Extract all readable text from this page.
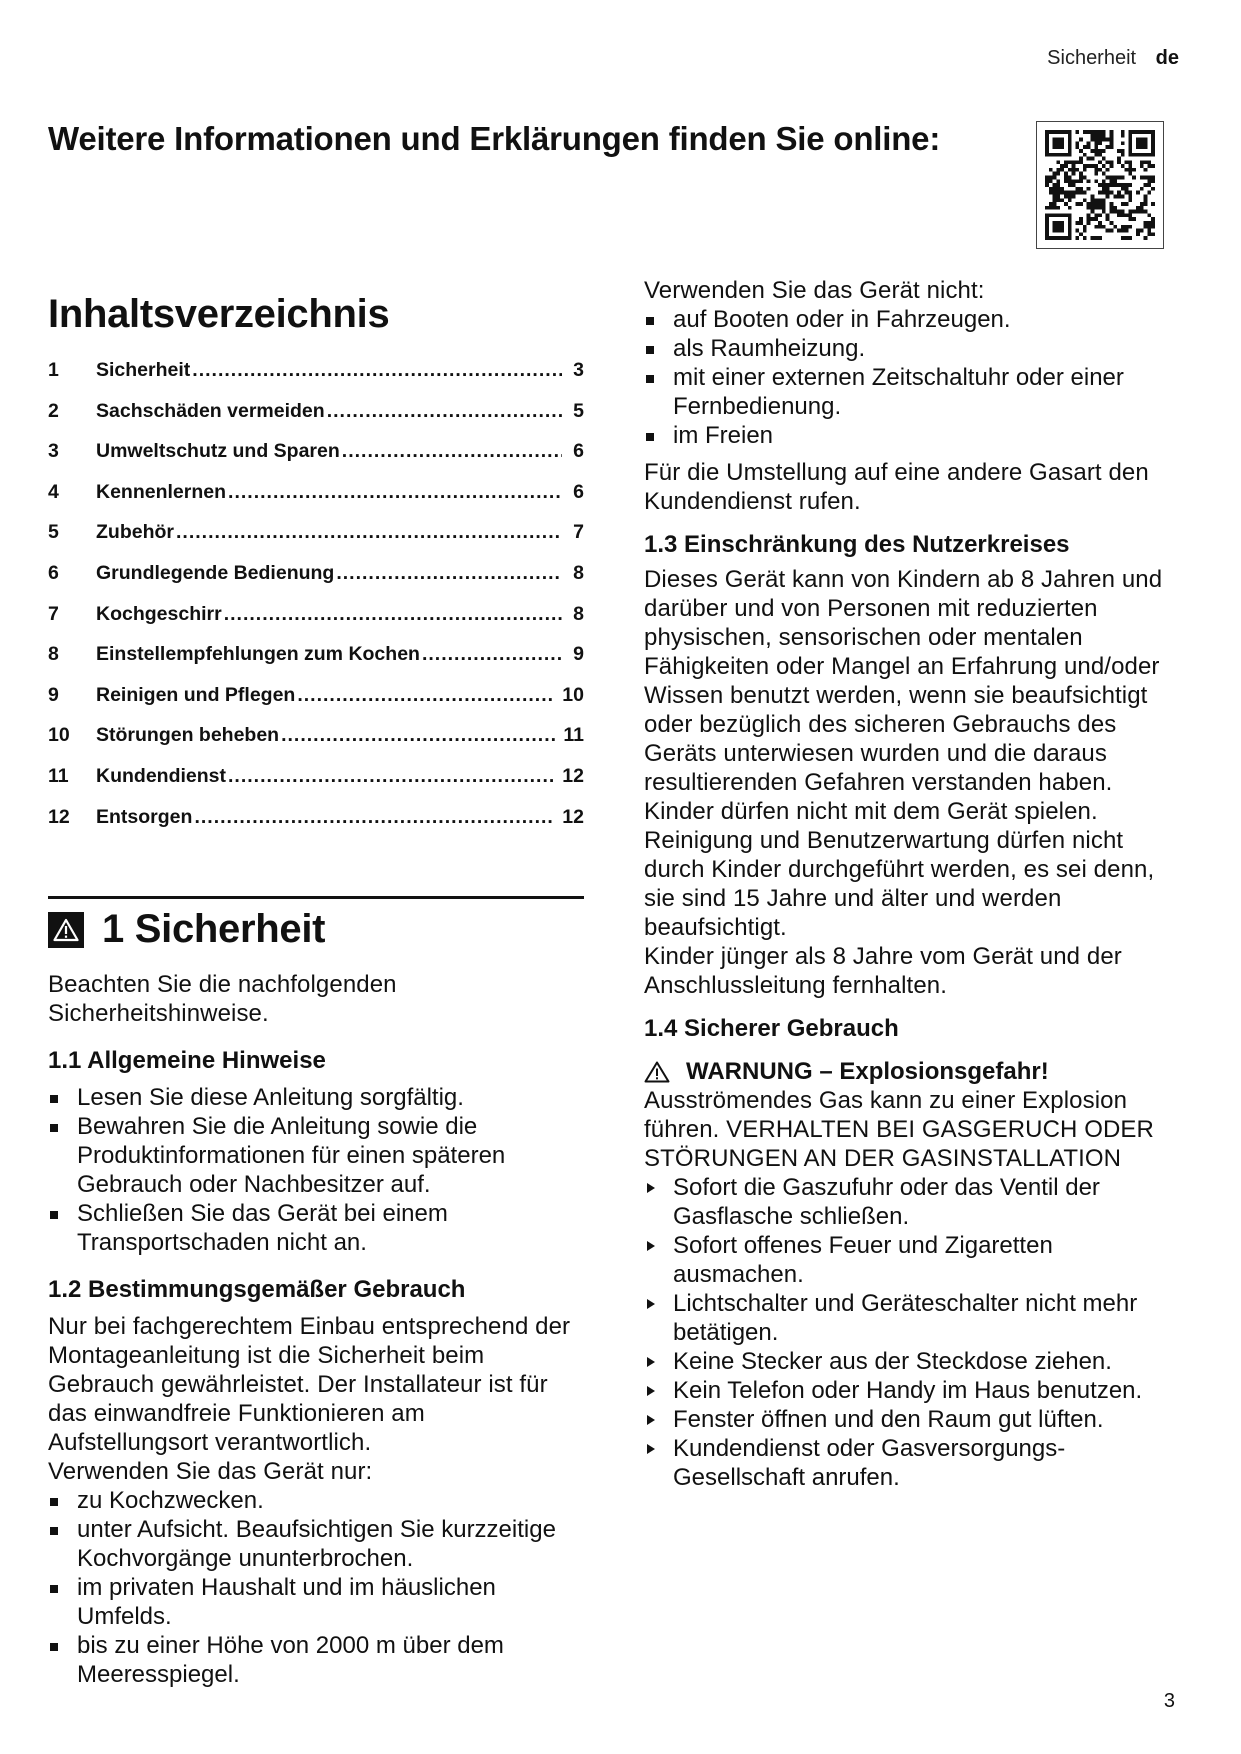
Sicherheit de
Weitere Informationen und Erklärungen finden Sie online:
Inhaltsverzeichnis
1	Sicherheit .....	3
2	Sachschäden vermeiden .....	5
3	Umweltschutz und Sparen .....	6
4	Kennenlernen .....	6
5	Zubehör .....	7
6	Grundlegende Bedienung .....	8
7	Kochgeschirr .....	8
8	Einstellempfehlungen zum Kochen .....	9
9	Reinigen und Pflegen .....	10
10	Störungen beheben .....	11
11	Kundendienst .....	12
12	Entsorgen .....	12
1 Sicherheit
Beachten Sie die nachfolgenden Sicherheitshinweise.
1.1 Allgemeine Hinweise
Lesen Sie diese Anleitung sorgfältig.
Bewahren Sie die Anleitung sowie die Produktinformationen für einen späteren Gebrauch oder Nachbesitzer auf.
Schließen Sie das Gerät bei einem Transportschaden nicht an.
1.2 Bestimmungsgemäßer Gebrauch
Nur bei fachgerechtem Einbau entsprechend der Montageanleitung ist die Sicherheit beim Gebrauch gewährleistet. Der Installateur ist für das einwandfreie Funktionieren am Aufstellungsort verantwortlich.
Verwenden Sie das Gerät nur:
zu Kochzwecken.
unter Aufsicht. Beaufsichtigen Sie kurzzeitige Kochvorgänge ununterbrochen.
im privaten Haushalt und im häuslichen Umfelds.
bis zu einer Höhe von 2000 m über dem Meeresspiegel.
Verwenden Sie das Gerät nicht:
auf Booten oder in Fahrzeugen.
als Raumheizung.
mit einer externen Zeitschaltuhr oder einer Fernbedienung.
im Freien
Für die Umstellung auf eine andere Gasart den Kundendienst rufen.
1.3 Einschränkung des Nutzerkreises
Dieses Gerät kann von Kindern ab 8 Jahren und darüber und von Personen mit reduzierten physischen, sensorischen oder mentalen Fähigkeiten oder Mangel an Erfahrung und/oder Wissen benutzt werden, wenn sie beaufsichtigt oder bezüglich des sicheren Gebrauchs des Geräts unterwiesen wurden und die daraus resultierenden Gefahren verstanden haben.
Kinder dürfen nicht mit dem Gerät spielen.
Reinigung und Benutzerwartung dürfen nicht durch Kinder durchgeführt werden, es sei denn, sie sind 15 Jahre und älter und werden beaufsichtigt.
Kinder jünger als 8 Jahre vom Gerät und der Anschlussleitung fernhalten.
1.4 Sicherer Gebrauch
WARNUNG – Explosionsgefahr!
Ausströmendes Gas kann zu einer Explosion führen. VERHALTEN BEI GASGERUCH ODER STÖRUNGEN AN DER GASINSTALLATION
Sofort die Gaszufuhr oder das Ventil der Gasflasche schließen.
Sofort offenes Feuer und Zigaretten ausmachen.
Lichtschalter und Geräteschalter nicht mehr betätigen.
Keine Stecker aus der Steckdose ziehen.
Kein Telefon oder Handy im Haus benutzen.
Fenster öffnen und den Raum gut lüften.
Kundendienst oder Gasversorgungs-Gesellschaft anrufen.
3
